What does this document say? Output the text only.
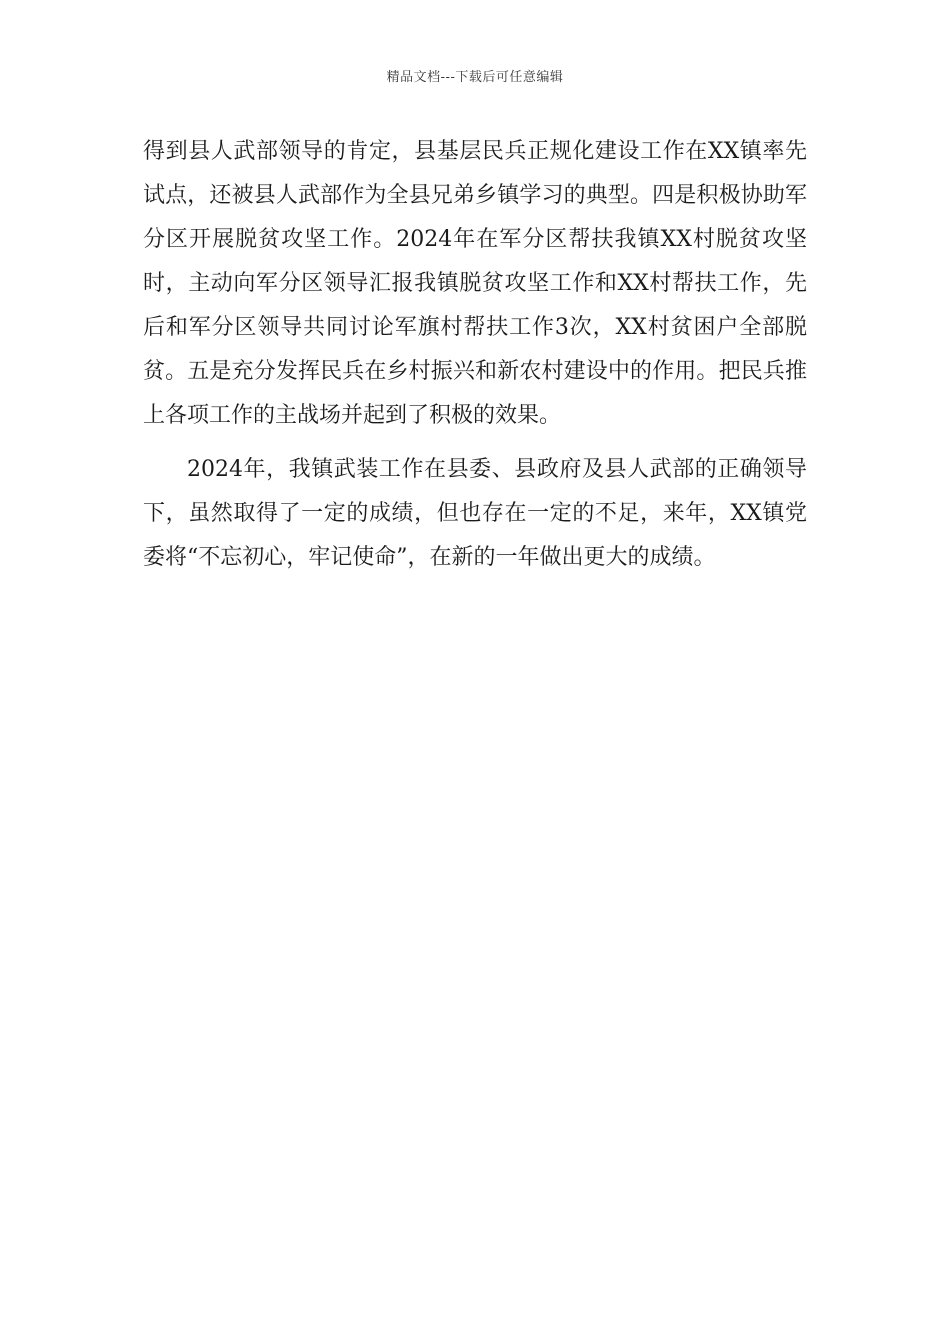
精品文档---下载后可任意编辑

得到县人武部领导的肯定，县基层民兵正规化建设工作在XX镇率先试点，还被县人武部作为全县兄弟乡镇学习的典型。四是积极协助军分区开展脱贫攻坚工作。2024年在军分区帮扶我镇XX村脱贫攻坚时，主动向军分区领导汇报我镇脱贫攻坚工作和XX村帮扶工作，先后和军分区领导共同讨论军旗村帮扶工作3次，XX村贫困户全部脱贫。五是充分发挥民兵在乡村振兴和新农村建设中的作用。把民兵推上各项工作的主战场并起到了积极的效果。

2024年，我镇武装工作在县委、县政府及县人武部的正确领导下，虽然取得了一定的成绩，但也存在一定的不足，来年，XX镇党委将“不忘初心，牢记使命”，在新的一年做出更大的成绩。
